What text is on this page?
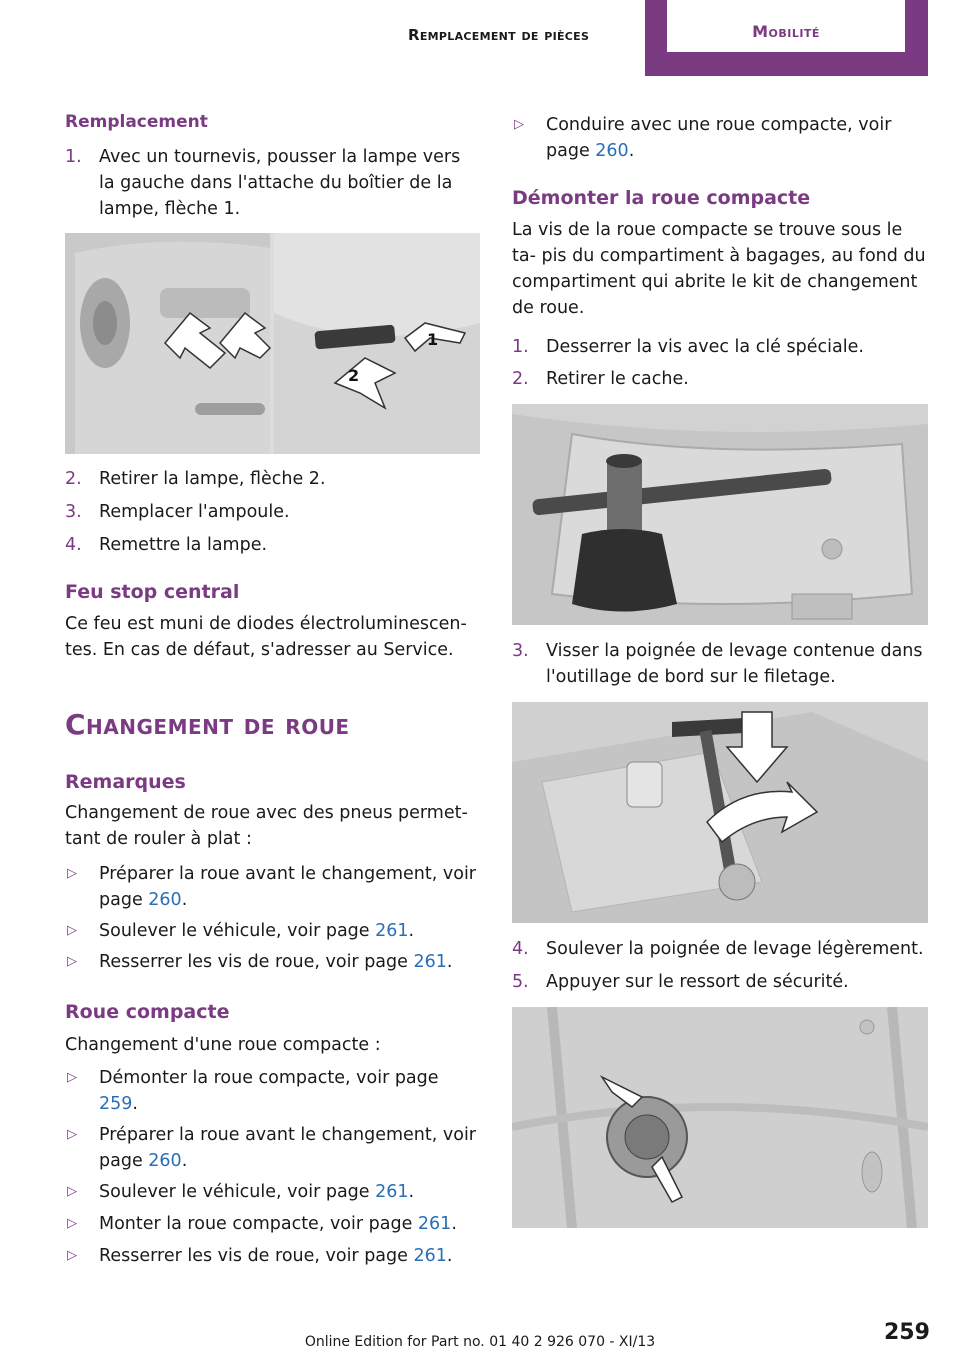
Remplacement de pièces	Mobilité
Remplacement
1. Avec un tournevis, pousser la lampe vers la gauche dans l'attache du boîtier de la lampe, flèche 1.
1
2
2. Retirer la lampe, flèche 2.
3. Remplacer l'ampoule.
4. Remettre la lampe.
Feu stop central
Ce feu est muni de diodes électroluminescen‐ tes. En cas de défaut, s'adresser au Service.
Changement de roue
Remarques
Changement de roue avec des pneus permet‐ tant de rouler à plat :
▷ Préparer la roue avant le changement, voir page 260.
▷ Soulever le véhicule, voir page 261.
▷ Resserrer les vis de roue, voir page 261.
Roue compacte
Changement d'une roue compacte :
▷ Démonter la roue compacte, voir page 259.
▷ Préparer la roue avant le changement, voir page 260.
▷ Soulever le véhicule, voir page 261.
▷ Monter la roue compacte, voir page 261.
▷ Resserrer les vis de roue, voir page 261.
▷ Conduire avec une roue compacte, voir page 260.
Démonter la roue compacte
La vis de la roue compacte se trouve sous le ta‐ pis du compartiment à bagages, au fond du compartiment qui abrite le kit de changement de roue.
1. Desserrer la vis avec la clé spéciale.
2. Retirer le cache.
3. Visser la poignée de levage contenue dans l'outillage de bord sur le filetage.
4. Soulever la poignée de levage légèrement.
5. Appuyer sur le ressort de sécurité.
259
Online Edition for Part no. 01 40 2 926 070 - XI/13
